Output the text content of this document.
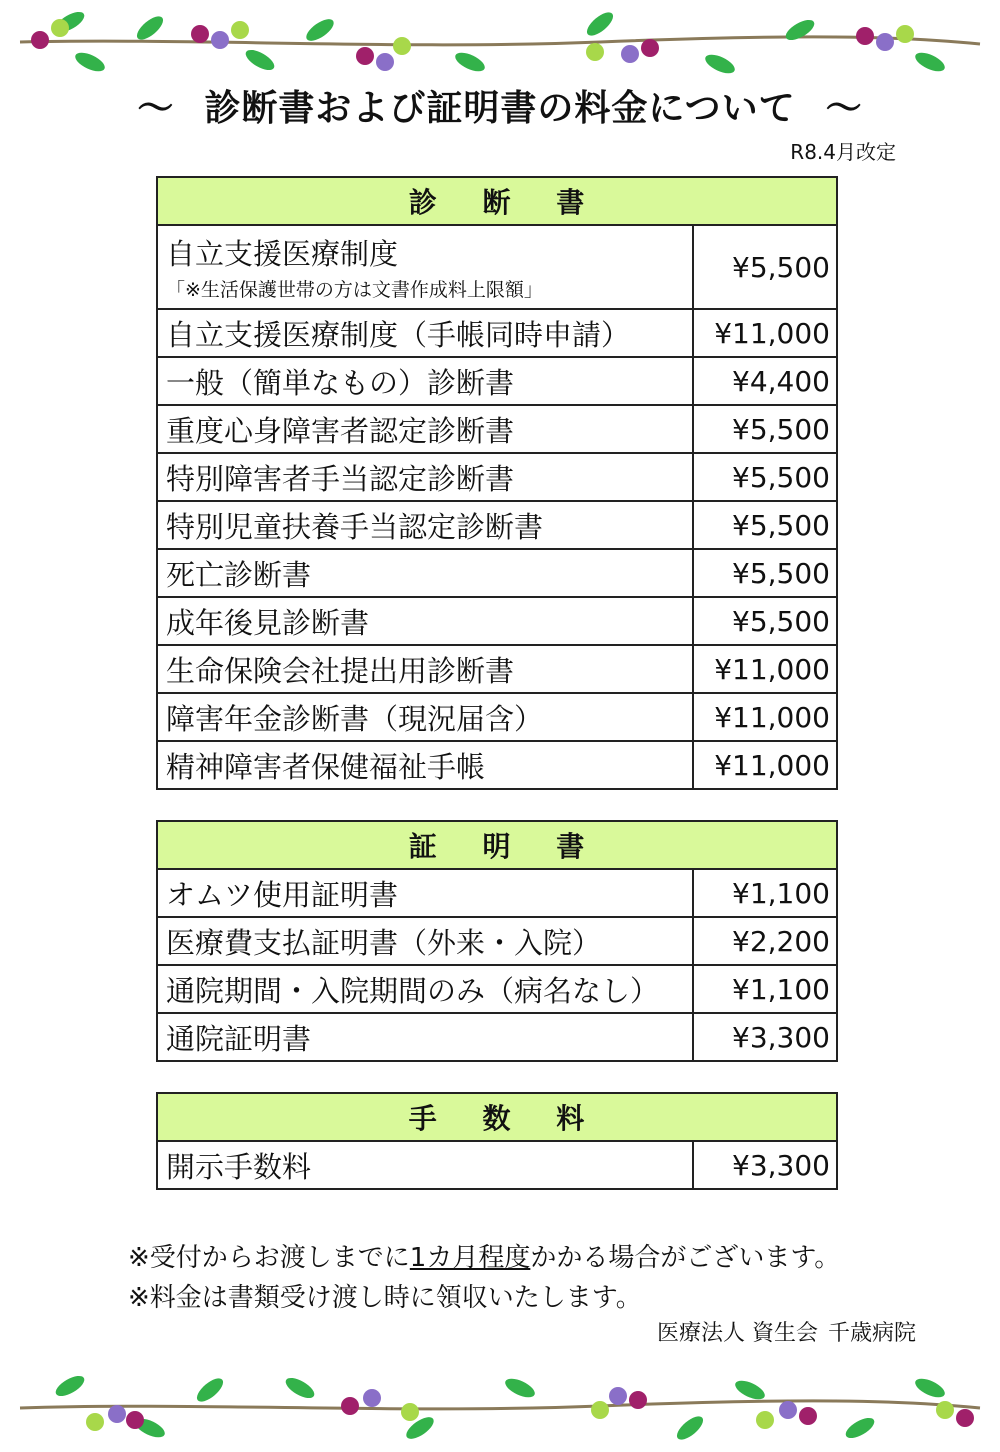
～ 診断書および証明書の料金について ～
R8.4月改定
診 断 書	
自立支援医療制度
「※生活保護世帯の方は文書作成料上限額」	¥5,500
自立支援医療制度（手帳同時申請）	¥11,000
一般（簡単なもの）診断書	¥4,400
重度心身障害者認定診断書	¥5,500
特別障害者手当認定診断書	¥5,500
特別児童扶養手当認定診断書	¥5,500
死亡診断書	¥5,500
成年後見診断書	¥5,500
生命保険会社提出用診断書	¥11,000
障害年金診断書（現況届含）	¥11,000
精神障害者保健福祉手帳	¥11,000
証 明 書	
オムツ使用証明書	¥1,100
医療費支払証明書（外来・入院）	¥2,200
通院期間・入院期間のみ（病名なし）	¥1,100
通院証明書	¥3,300
手 数 料
開示手数料	¥3,300
※受付からお渡しまでに1カ月程度かかる場合がございます。
※料金は書類受け渡し時に領収いたします。
医療法人 資生会 千歳病院
